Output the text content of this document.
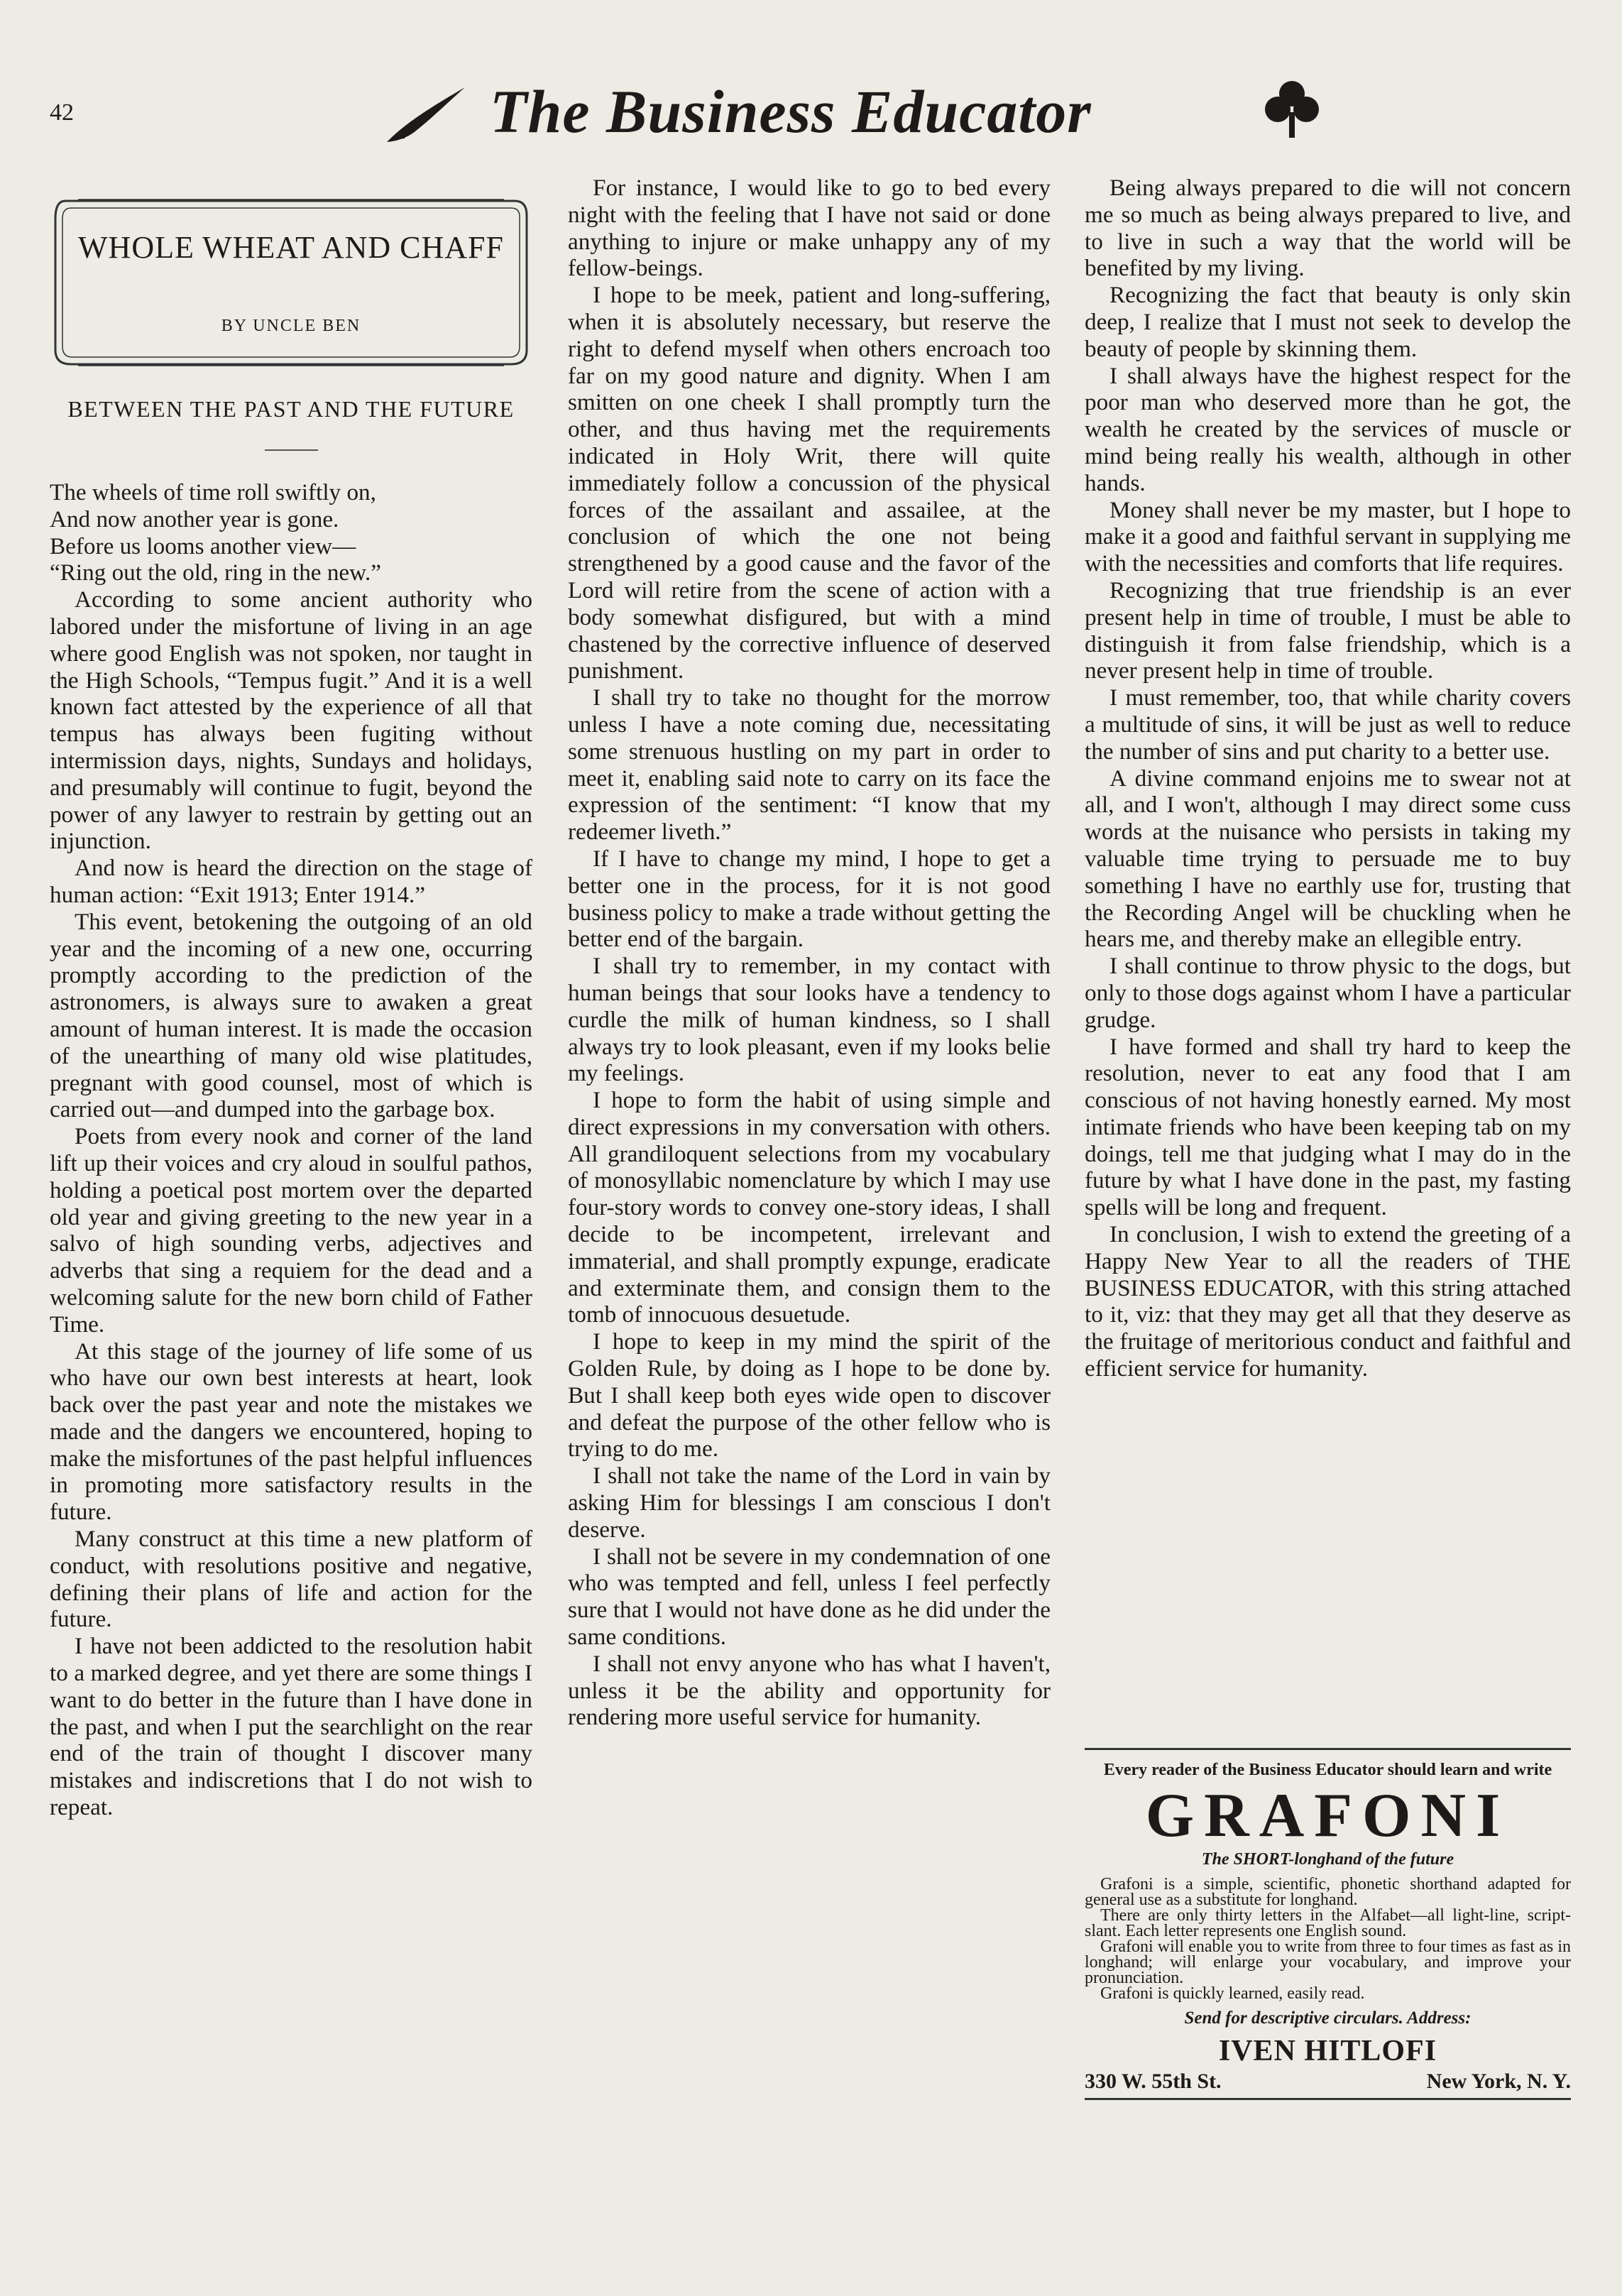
42	The Business Educator
WHOLE WHEAT AND CHAFF
BY UNCLE BEN
BETWEEN THE PAST AND THE FUTURE

The wheels of time roll swiftly on,

And now another year is gone.

Before us looms another view—

“Ring out the old, ring in the new.”

According to some ancient authority who labored under the misfortune of living in an age where good English was not spoken, nor taught in the High Schools, “Tempus fugit.” And it is a well known fact attested by the experience of all that tempus has always been fugiting without intermission days, nights, Sundays and holidays, and presumably will continue to fugit, beyond the power of any lawyer to restrain by getting out an injunction.

And now is heard the direction on the stage of human action: “Exit 1913; Enter 1914.”

This event, betokening the outgoing of an old year and the incoming of a new one, occurring promptly according to the prediction of the astronomers, is always sure to awaken a great amount of human interest. It is made the occasion of the unearthing of many old wise platitudes, pregnant with good counsel, most of which is carried out—and dumped into the garbage box.

Poets from every nook and corner of the land lift up their voices and cry aloud in soulful pathos, holding a poetical post mortem over the departed old year and giving greeting to the new year in a salvo of high sounding verbs, adjectives and adverbs that sing a requiem for the dead and a welcoming salute for the new born child of Father Time.

At this stage of the journey of life some of us who have our own best interests at heart, look back over the past year and note the mistakes we made and the dangers we encountered, hoping to make the misfortunes of the past helpful influences in promoting more satisfactory results in the future.

Many construct at this time a new platform of conduct, with resolutions positive and negative, defining their plans of life and action for the future.

I have not been addicted to the resolution habit to a marked degree, and yet there are some things I want to do better in the future than I have done in the past, and when I put the searchlight on the rear end of the train of thought I discover many mistakes and indiscretions that I do not wish to repeat.

For instance, I would like to go to bed every night with the feeling that I have not said or done anything to injure or make unhappy any of my fellow-beings.

I hope to be meek, patient and long-suffering, when it is absolutely necessary, but reserve the right to defend myself when others encroach too far on my good nature and dignity. When I am smitten on one cheek I shall promptly turn the other, and thus having met the requirements indicated in Holy Writ, there will quite immediately follow a concussion of the physical forces of the assailant and assailee, at the conclusion of which the one not being strengthened by a good cause and the favor of the Lord will retire from the scene of action with a body somewhat disfigured, but with a mind chastened by the corrective influence of deserved punishment.

I shall try to take no thought for the morrow unless I have a note coming due, necessitating some strenuous hustling on my part in order to meet it, enabling said note to carry on its face the expression of the sentiment: “I know that my redeemer liveth.”

If I have to change my mind, I hope to get a better one in the process, for it is not good business policy to make a trade without getting the better end of the bargain.

I shall try to remember, in my contact with human beings that sour looks have a tendency to curdle the milk of human kindness, so I shall always try to look pleasant, even if my looks belie my feelings.

I hope to form the habit of using simple and direct expressions in my conversation with others. All grandiloquent selections from my vocabulary of monosyllabic nomenclature by which I may use four-story words to convey one-story ideas, I shall decide to be incompetent, irrelevant and immaterial, and shall promptly expunge, eradicate and exterminate them, and consign them to the tomb of innocuous desuetude.

I hope to keep in my mind the spirit of the Golden Rule, by doing as I hope to be done by. But I shall keep both eyes wide open to discover and defeat the purpose of the other fellow who is trying to do me.

I shall not take the name of the Lord in vain by asking Him for blessings I am conscious I don't deserve.

I shall not be severe in my condemnation of one who was tempted and fell, unless I feel perfectly sure that I would not have done as he did under the same conditions.

I shall not envy anyone who has what I haven't, unless it be the ability and opportunity for rendering more useful service for humanity.

Being always prepared to die will not concern me so much as being always prepared to live, and to live in such a way that the world will be benefited by my living.

Recognizing the fact that beauty is only skin deep, I realize that I must not seek to develop the beauty of people by skinning them.

I shall always have the highest respect for the poor man who deserved more than he got, the wealth he created by the services of muscle or mind being really his wealth, although in other hands.

Money shall never be my master, but I hope to make it a good and faithful servant in supplying me with the necessities and comforts that life requires.

Recognizing that true friendship is an ever present help in time of trouble, I must be able to distinguish it from false friendship, which is a never present help in time of trouble.

I must remember, too, that while charity covers a multitude of sins, it will be just as well to reduce the number of sins and put charity to a better use.

A divine command enjoins me to swear not at all, and I won't, although I may direct some cuss words at the nuisance who persists in taking my valuable time trying to persuade me to buy something I have no earthly use for, trusting that the Recording Angel will be chuckling when he hears me, and thereby make an ellegible entry.

I shall continue to throw physic to the dogs, but only to those dogs against whom I have a particular grudge.

I have formed and shall try hard to keep the resolution, never to eat any food that I am conscious of not having honestly earned. My most intimate friends who have been keeping tab on my doings, tell me that judging what I may do in the future by what I have done in the past, my fasting spells will be long and frequent.

In conclusion, I wish to extend the greeting of a Happy New Year to all the readers of THE BUSINESS EDUCATOR, with this string attached to it, viz: that they may get all that they deserve as the fruitage of meritorious conduct and faithful and efficient service for humanity.

Every reader of the Business Educator should learn and write
GRAFONI
The SHORT-longhand of the future

Grafoni is a simple, scientific, phonetic shorthand adapted for general use as a substitute for longhand.

There are only thirty letters in the Alfabet—all light-line, script-slant. Each letter represents one English sound.

Grafoni will enable you to write from three to four times as fast as in longhand; will enlarge your vocabulary, and improve your pronunciation.

Grafoni is quickly learned, easily read.

Send for descriptive circulars. Address:
IVEN HITLOFI
330 W. 55th St.	New York, N. Y.
